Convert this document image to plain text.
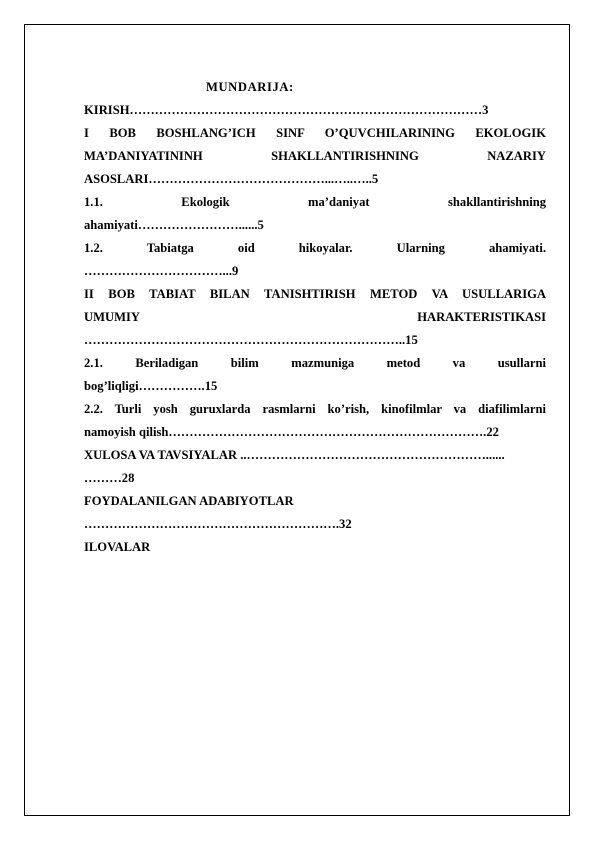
MUNDARIJA:
KIRISH…………………………………………………………………………3
I BOB BOSHLANG’ICH SINF O’QUVCHILARINING EKOLOGIK
MA’DANIYATININH SHAKLLANTIRISHNING NAZARIY
ASOSLARI……………………………………...…..…..5
1.1. Ekologik ma’daniyat shakllantirishning
ahamiyati……………………......5
1.2. Tabiatga oid hikoyalar. Ularning ahamiyati.
……………………………...9
II BOB TABIAT BILAN TANISHTIRISH METOD VA USULLARIGA
UMUMIY HARAKTERISTIKASI
…………………………………………………………………..15
2.1. Beriladigan bilim mazmuniga metod va usullarni
bog’liqligi…………….15
2.2. Turli yosh guruxlarda rasmlarni ko’rish, kinofilmlar va diafilimlarni
namoyish qilish………………………………………………………………….22
XULOSA VA TAVSIYALAR ..…………………………………………………......
………28
FOYDALANILGAN ADABIYOTLAR
…………………………………………………….32
ILOVALAR
